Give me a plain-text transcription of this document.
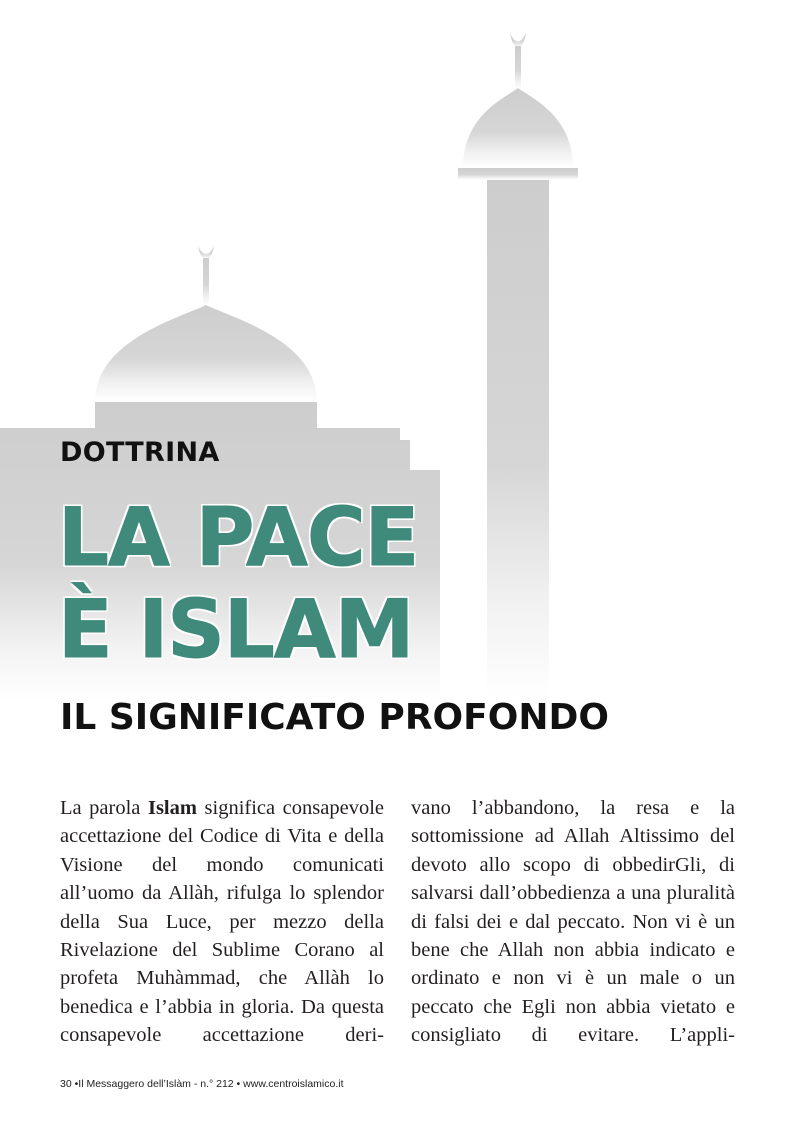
DOTTRINA
LA PACE
È ISLAM
IL SIGNIFICATO PROFONDO
La parola Islam significa consapevole accettazione del Codice di Vita e della Visione del mondo comunicati all’uomo da Allàh, rifulga lo splendor della Sua Luce, per mezzo della Rivelazione del Sublime Corano al profeta Muhàmmad, che Allàh lo benedica e l’abbia in gloria. Da questa consapevole accettazione deri-
vano l’abbandono, la resa e la sottomissione ad Allah Altissimo del devoto allo scopo di obbedirGli, di salvarsi dall’obbedienza a una pluralità di falsi dei e dal peccato. Non vi è un bene che Allah non abbia indicato e ordinato e non vi è un male o un peccato che Egli non abbia vietato e consigliato di evitare. L’appli-
30 •Il Messaggero dell’Islàm - n.° 212 • www.centroislamico.it
